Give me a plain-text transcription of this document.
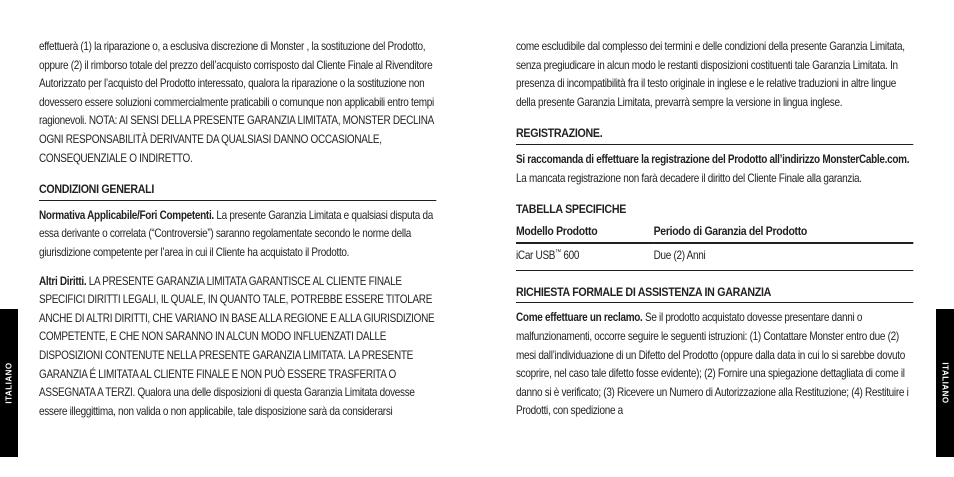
effettuerà (1) la riparazione o, a esclusiva discrezione di Monster , la sostituzione del Prodotto, oppure (2) il rimborso totale del prezzo dell’acquisto corrisposto dal Cliente Finale al Rivenditore Autorizzato per l’acquisto del Prodotto interessato, qualora la riparazione o la sostituzione non dovessero essere soluzioni commercialmente praticabili o comunque non applicabili entro tempi ragionevoli. NOTA: AI SENSI DELLA PRESENTE GARANZIA LIMITATA, MONSTER DECLINA OGNI RESPONSABILITÀ DERIVANTE DA QUALSIASI DANNO OCCASIONALE, CONSEQUENZIALE O INDIRETTO.

CONDIZIONI GENERALI

Normativa Applicabile/Fori Competenti. La presente Garanzia Limitata e qualsiasi disputa da essa derivante o correlata (“Controversie”) saranno regolamentate secondo le norme della giurisdizione competente per l’area in cui il Cliente ha acquistato il Prodotto.

Altri Diritti. LA PRESENTE GARANZIA LIMITATA GARANTISCE AL CLIENTE FINALE SPECIFICI DIRITTI LEGALI, IL QUALE, IN QUANTO TALE, POTREBBE ESSERE TITOLARE ANCHE DI ALTRI DIRITTI, CHE VARIANO IN BASE ALLA REGIONE E ALLA GIURISDIZIONE COMPETENTE, E CHE NON SARANNO IN ALCUN MODO INFLUENZATI DALLE DISPOSIZIONI CONTENUTE NELLA PRESENTE GARANZIA LIMITATA. LA PRESENTE GARANZIA É LIMITATA AL CLIENTE FINALE E NON PUÒ ESSERE TRASFERITA O ASSEGNATA A TERZI. Qualora una delle disposizioni di questa Garanzia Limitata dovesse essere illeggittima, non valida o non applicabile, tale disposizione sarà da considerarsi

come escludibile dal complesso dei termini e delle condizioni della presente Garanzia Limitata, senza pregiudicare in alcun modo le restanti disposizioni costituenti tale Garanzia Limitata. In presenza di incompatibilità fra il testo originale in inglese e le relative traduzioni in altre lingue della presente Garanzia Limitata, prevarrà sempre la versione in lingua inglese.

REGISTRAZIONE.

Si raccomanda di effettuare la registrazione del Prodotto all’indirizzo MonsterCable.com. La mancata registrazione non farà decadere il diritto del Cliente Finale alla garanzia.

TABELLA SPECIFICHE
Modello Prodotto	Periodo di Garanzia del Prodotto
iCar USB™ 600	Due (2) Anni
RICHIESTA FORMALE DI ASSISTENZA IN GARANZIA

Come effettuare un reclamo. Se il prodotto acquistato dovesse presentare danni o malfunzionamenti, occorre seguire le seguenti istruzioni: (1) Contattare Monster entro due (2) mesi dall’individuazione di un Difetto del Prodotto (oppure dalla data in cui lo si sarebbe dovuto scoprire, nel caso tale difetto fosse evidente); (2) Fornire una spiegazione dettagliata di come il danno si è verificato; (3) Ricevere un Numero di Autorizzazione alla Restituzione; (4) Restituire i Prodotti, con spedizione a

ITALIANO	ITALIANO
